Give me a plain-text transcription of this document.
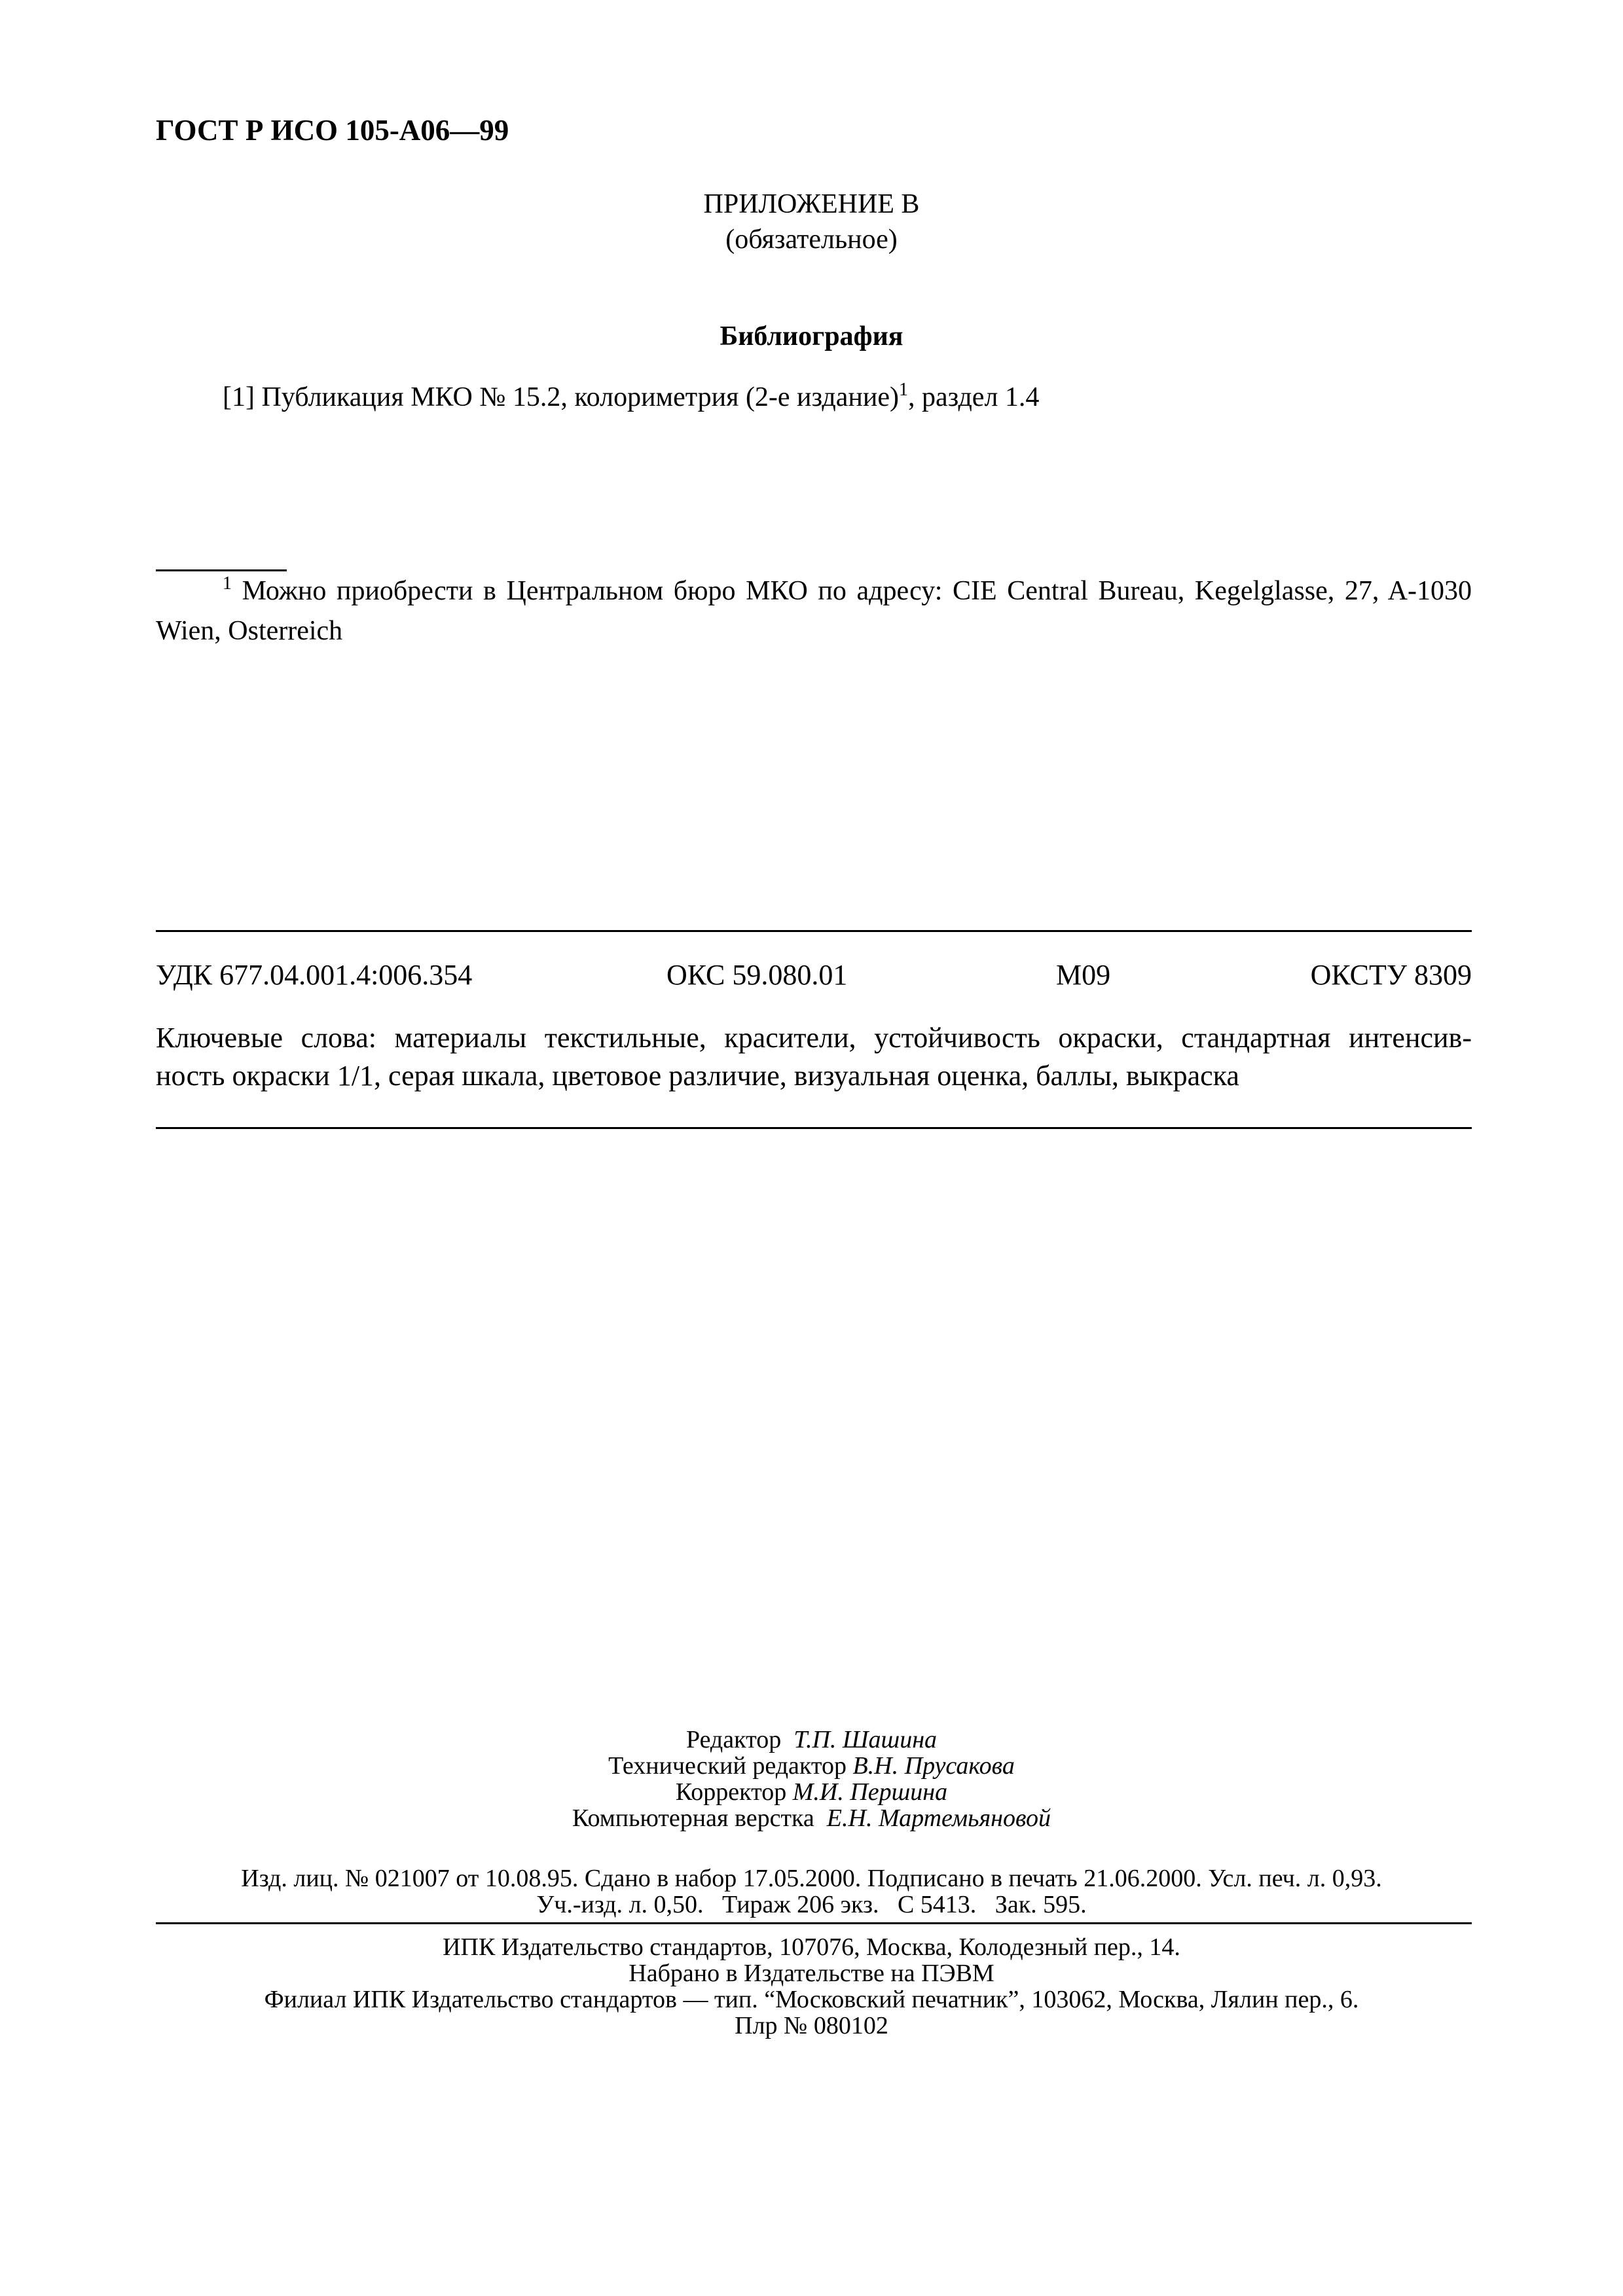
ГОСТ Р ИСО 105-А06—99
ПРИЛОЖЕНИЕ В
(обязательное)
Библиография
[1] Публикация МКО № 15.2, колориметрия (2-е издание)$^1$, раздел 1.4
$^1$ Можно приобрести в Центральном бюро МКО по адресу: CIE Central Bureau, Kegelglasse, 27, A-1030
Wien, Osterreich
УДК 677.04.001.4:006.354	ОКС 59.080.01	М09	ОКСТУ 8309
Ключевые слова: материалы текстильные, красители, устойчивость окраски, стандартная интенсив-
ность окраски 1/1, серая шкала, цветовое различие, визуальная оценка, баллы, выкраска
Редактор Т.П. Шашина
Технический редактор В.Н. Прусакова
Корректор М.И. Першина
Компьютерная верстка Е.Н. Мартемьяновой
Изд. лиц. № 021007 от 10.08.95. Сдано в набор 17.05.2000. Подписано в печать 21.06.2000. Усл. печ. л. 0,93.
Уч.-изд. л. 0,50.   Тираж 206 экз.   С 5413.   Зак. 595.
ИПК Издательство стандартов, 107076, Москва, Колодезный пер., 14.
Набрано в Издательстве на ПЭВМ
Филиал ИПК Издательство стандартов — тип. “Московский печатник”, 103062, Москва, Лялин пер., 6.
Плр № 080102
